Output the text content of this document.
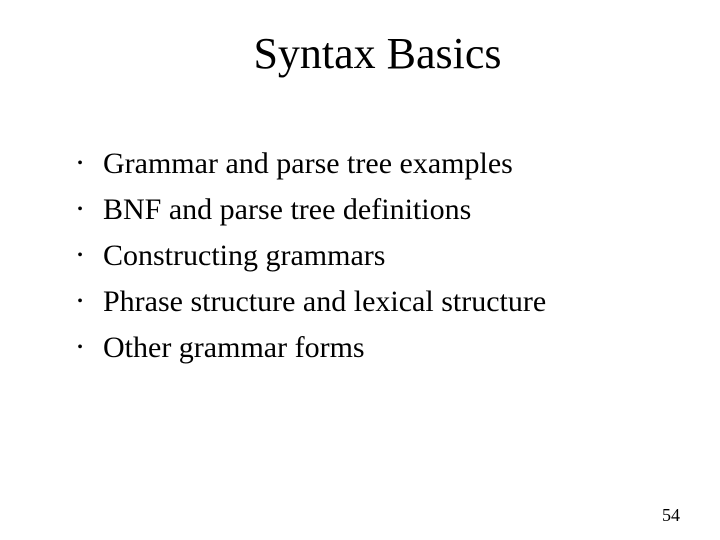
Syntax Basics
• Grammar and parse tree examples
• BNF and parse tree definitions
• Constructing grammars
• Phrase structure and lexical structure
• Other grammar forms
54
